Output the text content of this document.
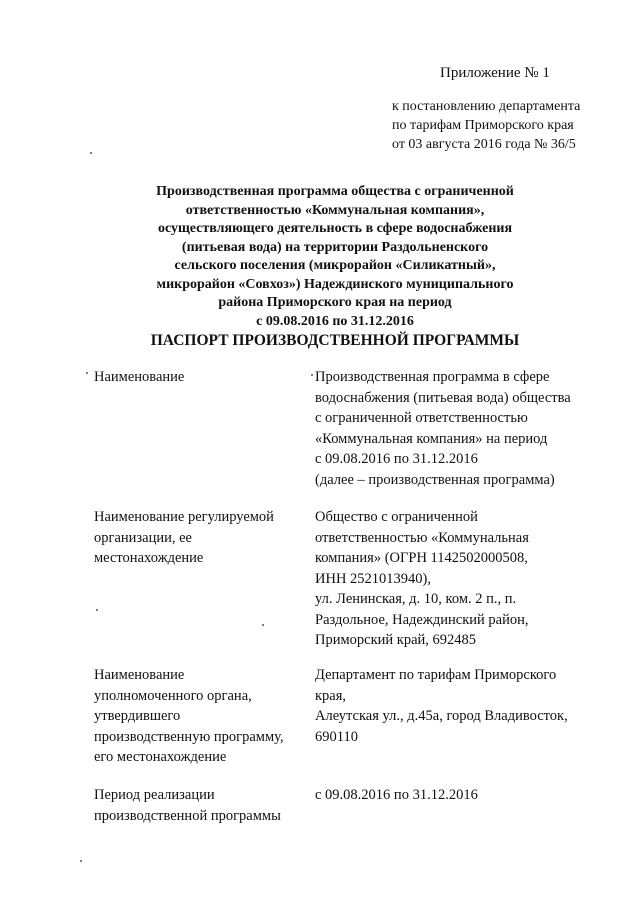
Приложение № 1
к постановлению департамента
по тарифам Приморского края
от 03 августа 2016 года № 36/5
Производственная программа общества с ограниченной
ответственностью «Коммунальная компания»,
осуществляющего деятельность в сфере водоснабжения
(питьевая вода) на территории Раздольненского
сельского поселения (микрорайон «Силикатный»,
микрорайон «Совхоз») Надеждинского муниципального
района Приморского края на период
с 09.08.2016 по 31.12.2016
ПАСПОРТ ПРОИЗВОДСТВЕННОЙ ПРОГРАММЫ
Наименование	Производственная программа в сфере
водоснабжения (питьевая вода) общества
с ограниченной ответственностью
«Коммунальная компания» на период
с 09.08.2016 по 31.12.2016
(далее – производственная программа)
Наименование регулируемой
организации, ее
местонахождение
Общество с ограниченной
ответственностью «Коммунальная
компания» (ОГРН 1142502000508,
ИНН 2521013940),
ул. Ленинская, д. 10, ком. 2 п., п.
Раздольное, Надеждинский район,
Приморский край, 692485
Наименование
уполномоченного органа,
утвердившего
производственную программу,
его местонахождение
Департамент по тарифам Приморского
края,
Алеутская ул., д.45а, город Владивосток,
690110
Период реализации
производственной программы
с 09.08.2016 по 31.12.2016
